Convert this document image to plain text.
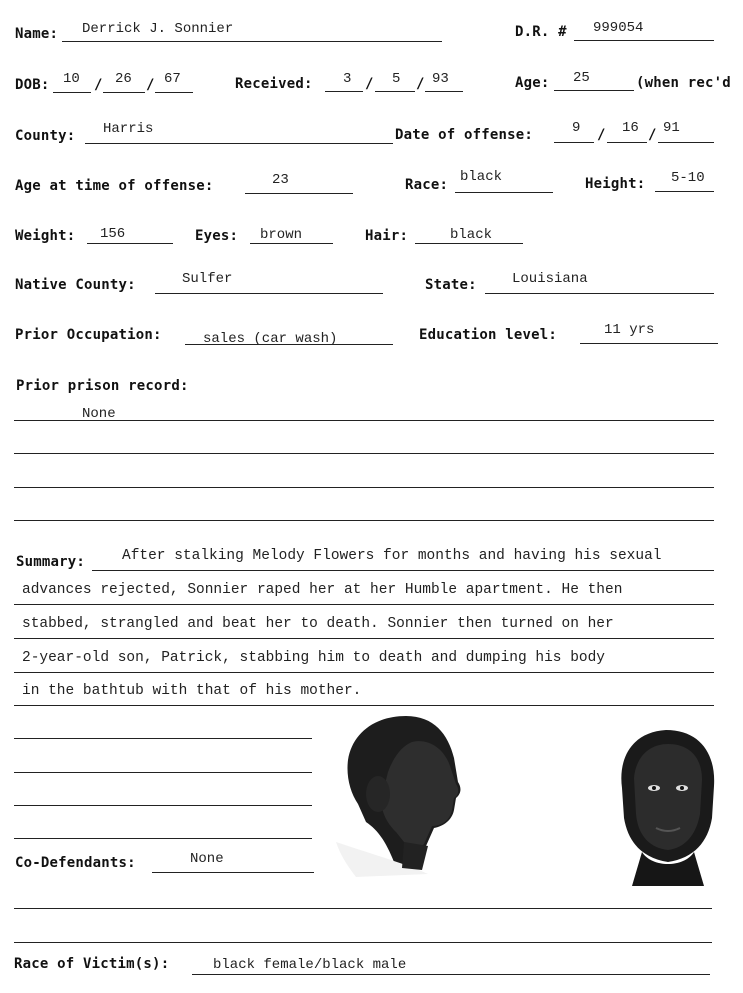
Name: Derrick J. Sonnier	D.R. # 999054
DOB: 10 / 26 / 67	Received: 3 / 5 / 93	Age: 25	(when rec'd
County: Harris	Date of offense:	9 / 16 / 91
Age at time of offense:	23	Race: black	Height: 5-10
Weight: 156	Eyes: brown	Hair:	black
Native County:	Sulfer	State:	Louisiana
Prior Occupation:	sales (car wash)	Education level:	11 yrs
Prior prison record:
None
Summary:	After stalking Melody Flowers for months and having his sexual
advances rejected, Sonnier raped her at her Humble apartment. He then
stabbed, strangled and beat her to death. Sonnier then turned on her
2-year-old son, Patrick, stabbing him to death and dumping his body
in the bathtub with that of his mother.
Co-Defendants:	None
Race of Victim(s):	black female/black male
